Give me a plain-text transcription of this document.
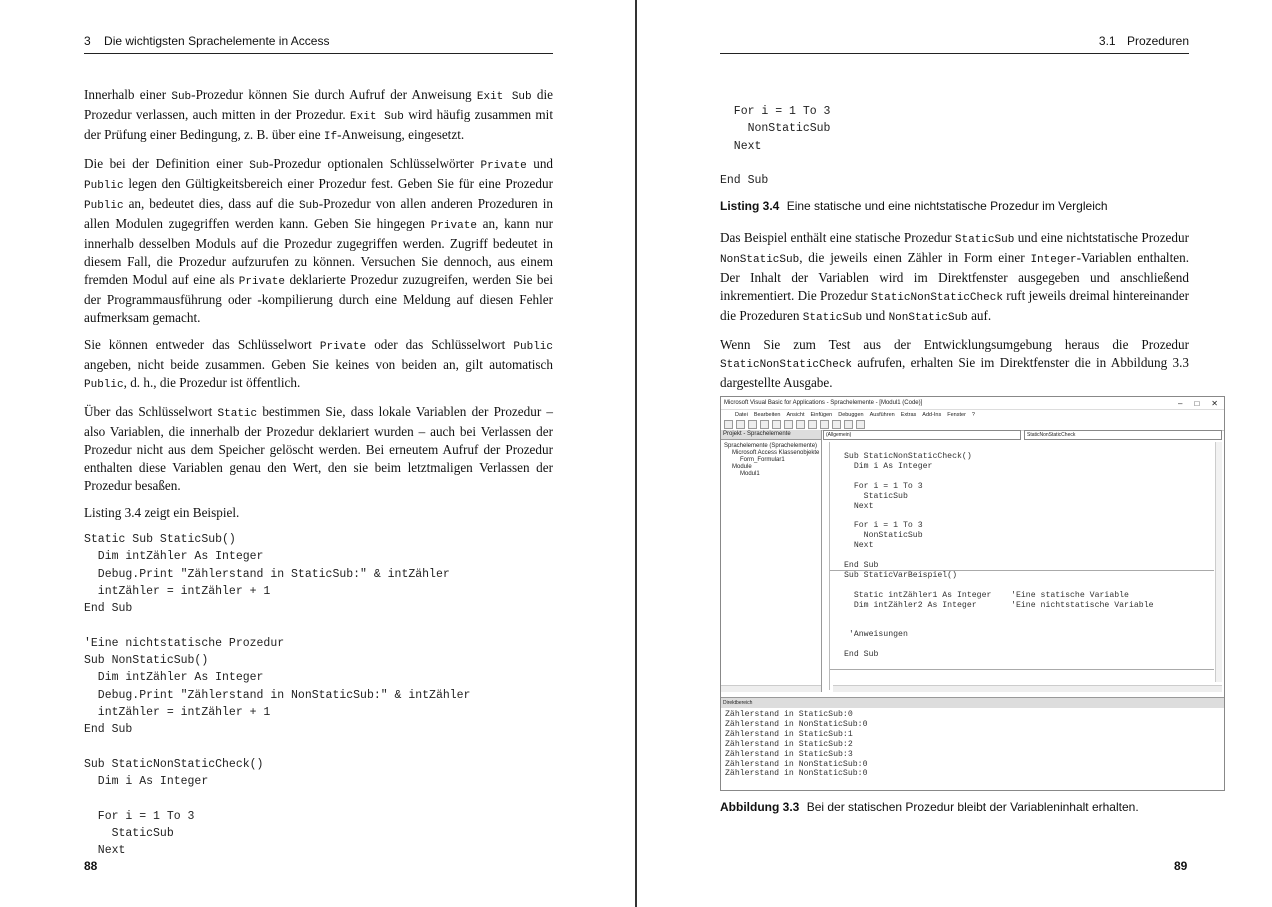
3 Die wichtigsten Sprachelemente in Access

Innerhalb einer Sub-Prozedur können Sie durch Aufruf der Anweisung Exit Sub die Prozedur verlassen, auch mitten in der Prozedur. Exit Sub wird häufig zusammen mit der Prüfung einer Bedingung, z. B. über eine If-Anweisung, eingesetzt.

Die bei der Definition einer Sub-Prozedur optionalen Schlüsselwörter Private und Public legen den Gültigkeitsbereich einer Prozedur fest. Geben Sie für eine Prozedur Public an, bedeutet dies, dass auf die Sub-Prozedur von allen anderen Prozeduren in allen Modulen zugegriffen werden kann. Geben Sie hingegen Private an, kann nur innerhalb desselben Moduls auf die Prozedur zugegriffen werden. Zugriff bedeutet in diesem Fall, die Prozedur aufzurufen zu können. Versuchen Sie dennoch, aus einem fremden Modul auf eine als Private deklarierte Prozedur zuzugreifen, werden Sie bei der Programmausführung oder -kompilierung durch eine Meldung auf diesen Fehler aufmerksam gemacht.

Sie können entweder das Schlüsselwort Private oder das Schlüsselwort Public angeben, nicht beide zusammen. Geben Sie keines von beiden an, gilt automatisch Public, d. h., die Prozedur ist öffentlich.

Über das Schlüsselwort Static bestimmen Sie, dass lokale Variablen der Prozedur – also Variablen, die innerhalb der Prozedur deklariert wurden – auch bei Verlassen der Prozedur nicht aus dem Speicher gelöscht werden. Bei erneutem Aufruf der Prozedur enthalten diese Variablen genau den Wert, den sie beim letztmaligen Verlassen der Prozedur besaßen.

Listing 3.4 zeigt ein Beispiel.

Static Sub StaticSub()
Dim intZähler As Integer
Debug.Print "Zählerstand in StaticSub:" & intZähler
intZähler = intZähler + 1
End Sub

'Eine nichtstatische Prozedur
Sub NonStaticSub()
Dim intZähler As Integer
Debug.Print "Zählerstand in NonStaticSub:" & intZähler
intZähler = intZähler + 1
End Sub

Sub StaticNonStaticCheck()
Dim i As Integer

For i = 1 To 3
StaticSub
Next
88
3.1 Prozeduren
For i = 1 To 3
NonStaticSub
Next

End Sub
Listing 3.4 Eine statische und eine nichtstatische Prozedur im Vergleich

Das Beispiel enthält eine statische Prozedur StaticSub und eine nichtstatische Prozedur NonStaticSub, die jeweils einen Zähler in Form einer Integer-Variablen enthalten. Der Inhalt der Variablen wird im Direktfenster ausgegeben und anschließend inkrementiert. Die Prozedur StaticNonStaticCheck ruft jeweils dreimal hintereinander die Prozeduren StaticSub und NonStaticSub auf.

Wenn Sie zum Test aus der Entwicklungsumgebung heraus die Prozedur StaticNonStaticCheck aufrufen, erhalten Sie im Direktfenster die in Abbildung 3.3 dargestellte Ausgabe.

Microsoft Visual Basic for Applications - Sprachelemente - [Modul1 (Code)]	– □ ✕
Datei Bearbeiten Ansicht Einfügen Debuggen Ausführen Extras Add-Ins Fenster ?
Projekt - Sprachelemente
Sprachelemente (Sprachelemente)
Microsoft Access Klassenobjekte
Form_Formular1
Module
Modul1
(Allgemein)	StaticNonStaticCheck
Sub StaticNonStaticCheck()
Dim i As Integer

For i = 1 To 3
StaticSub
Next

For i = 1 To 3
NonStaticSub
Next

End Sub
Sub StaticVarBeispiel()

Static intZähler1 As Integer    'Eine statische Variable
Dim intZähler2 As Integer       'Eine nichtstatische Variable

'Anweisungen

End Sub
Direktbereich
Zählerstand in StaticSub:0
Zählerstand in NonStaticSub:0
Zählerstand in StaticSub:1
Zählerstand in StaticSub:2
Zählerstand in StaticSub:3
Zählerstand in NonStaticSub:0
Zählerstand in NonStaticSub:0
Abbildung 3.3 Bei der statischen Prozedur bleibt der Variableninhalt erhalten.
89
